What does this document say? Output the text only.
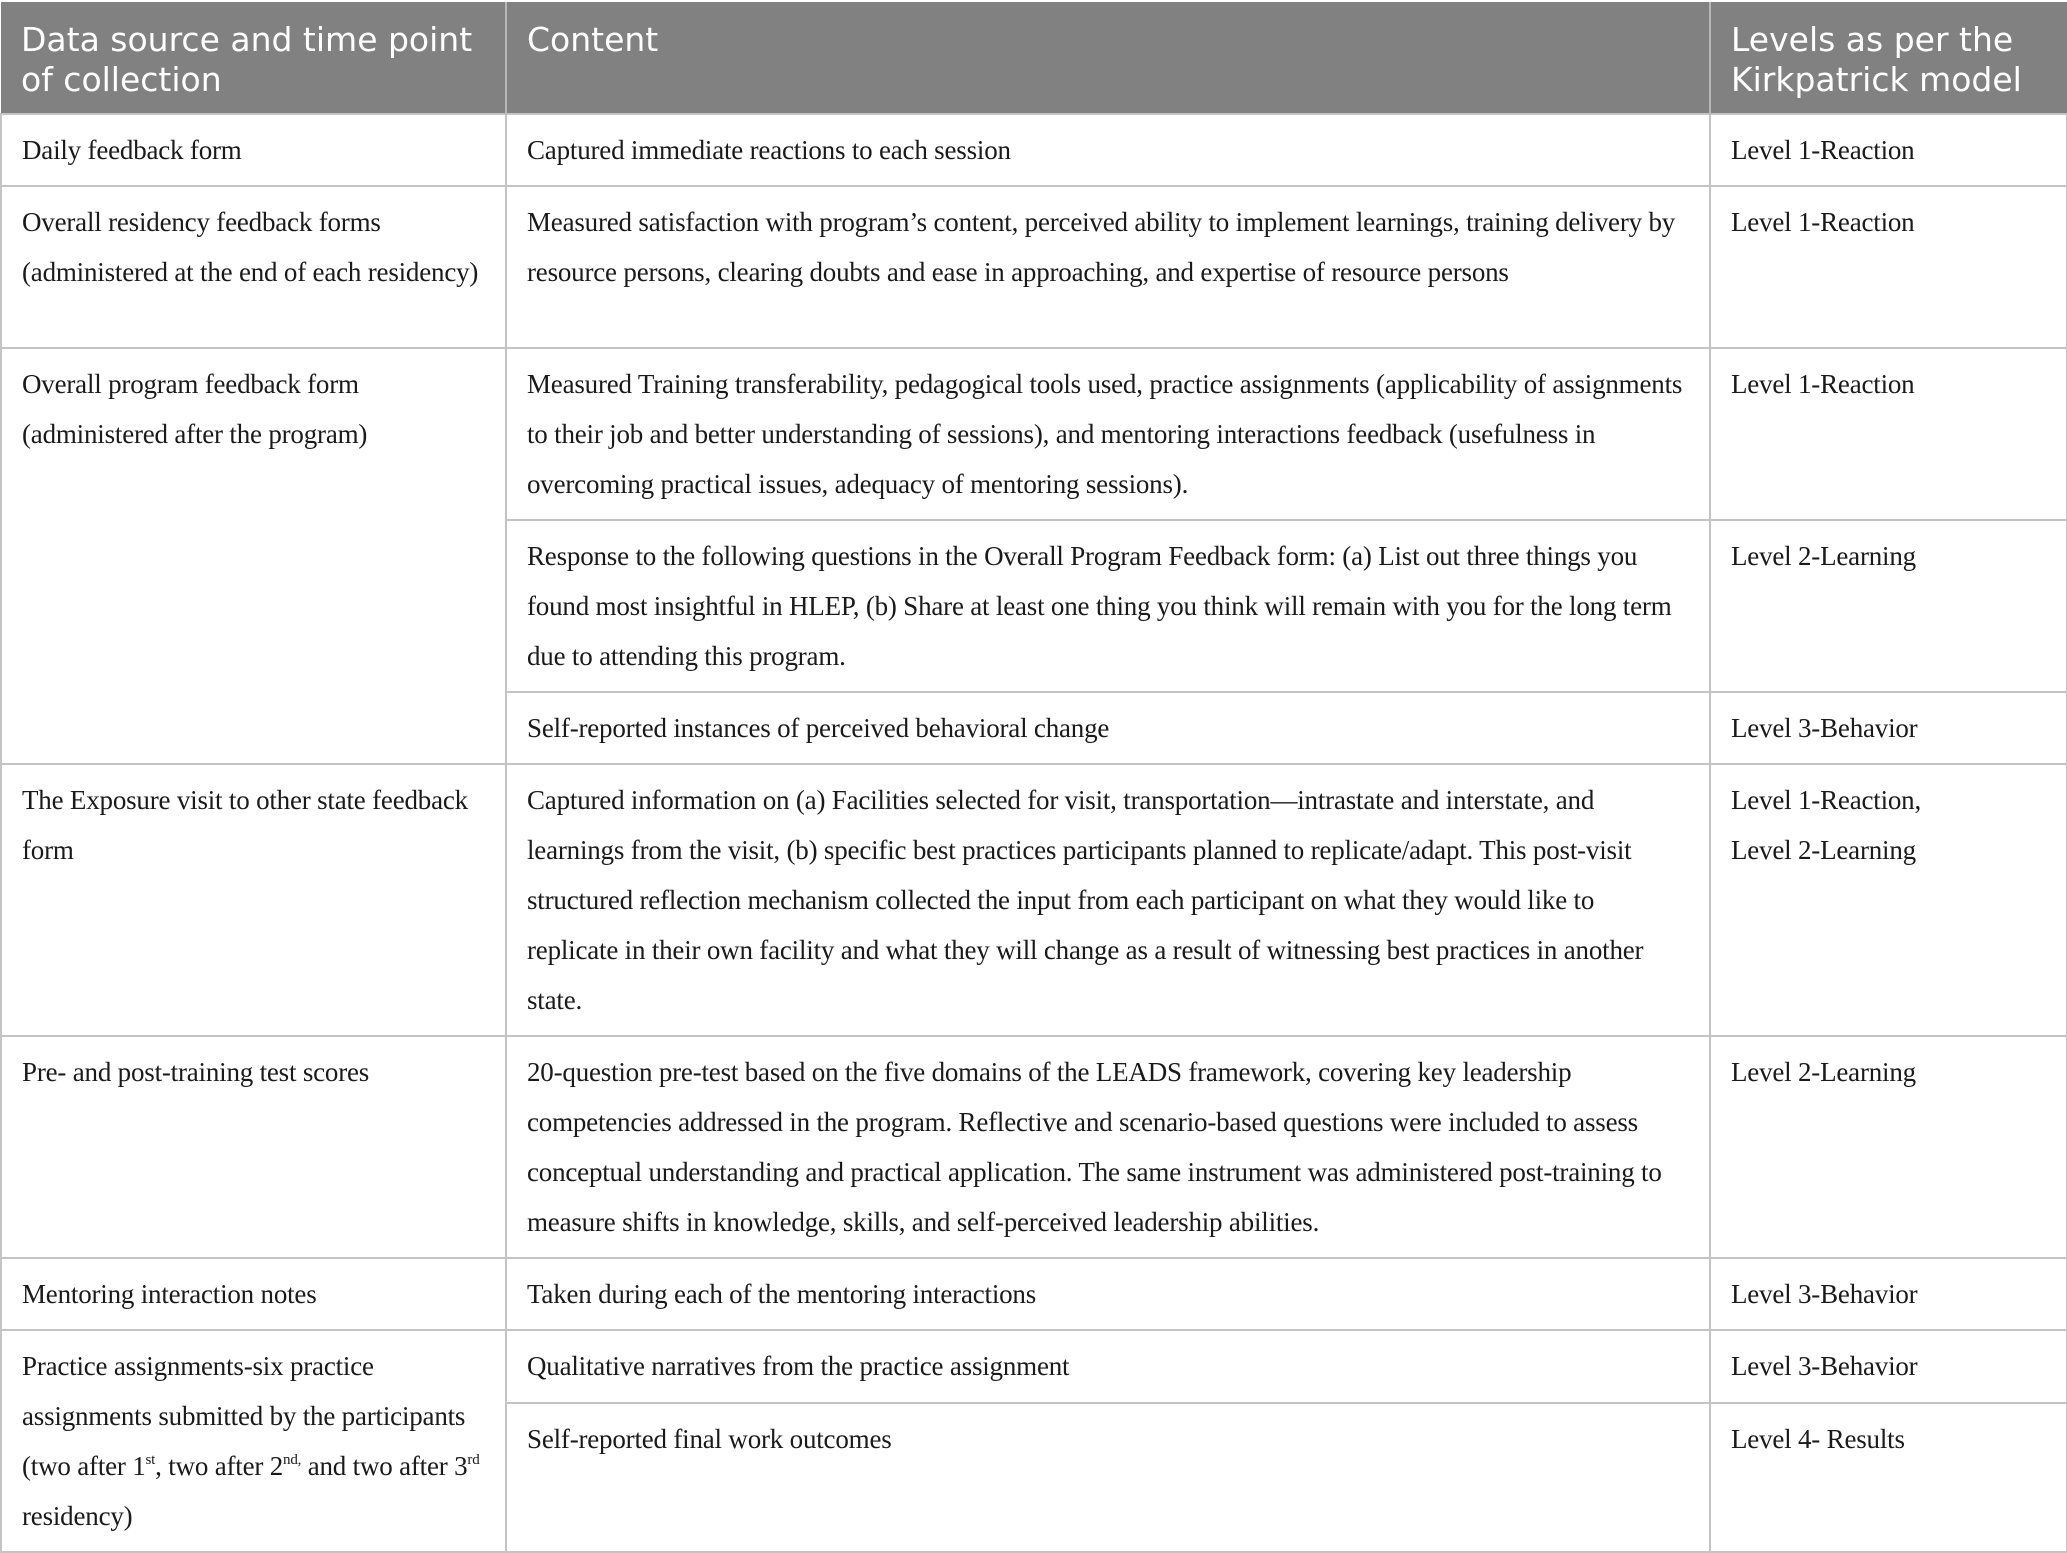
Data source and time point of collection	Content	Levels as per the Kirkpatrick model
Daily feedback form	Captured immediate reactions to each session	Level 1-Reaction
Overall residency feedback forms (administered at the end of each residency)	Measured satisfaction with program’s content, perceived ability to implement learnings, training delivery by resource persons, clearing doubts and ease in approaching, and expertise of resource persons	Level 1-Reaction
Overall program feedback form (administered after the program)	Measured Training transferability, pedagogical tools used, practice assignments (applicability of assignments to their job and better understanding of sessions), and mentoring interactions feedback (usefulness in overcoming practical issues, adequacy of mentoring sessions).	Level 1-Reaction
	Response to the following questions in the Overall Program Feedback form: (a) List out three things you found most insightful in HLEP, (b) Share at least one thing you think will remain with you for the long term due to attending this program.	Level 2-Learning
	Self-reported instances of perceived behavioral change	Level 3-Behavior
The Exposure visit to other state feedback form	Captured information on (a) Facilities selected for visit, transportation—intrastate and interstate, and learnings from the visit, (b) specific best practices participants planned to replicate/adapt. This post-visit structured reflection mechanism collected the input from each participant on what they would like to replicate in their own facility and what they will change as a result of witnessing best practices in another state.	Level 1-Reaction,
Level 2-Learning

Pre- and post-training test scores	20-question pre-test based on the five domains of the LEADS framework, covering key leadership competencies addressed in the program. Reflective and scenario-based questions were included to assess conceptual understanding and practical application. The same instrument was administered post-training to measure shifts in knowledge, skills, and self-perceived leadership abilities.	Level 2-Learning
Mentoring interaction notes	Taken during each of the mentoring interactions	Level 3-Behavior
Practice assignments-six practice assignments submitted by the participants (two after 1st, two after $2^{nd,}$ and two after 3rd residency)	Qualitative narratives from the practice assignment	Level 3-Behavior
	Self-reported final work outcomes	Level 4- Results
